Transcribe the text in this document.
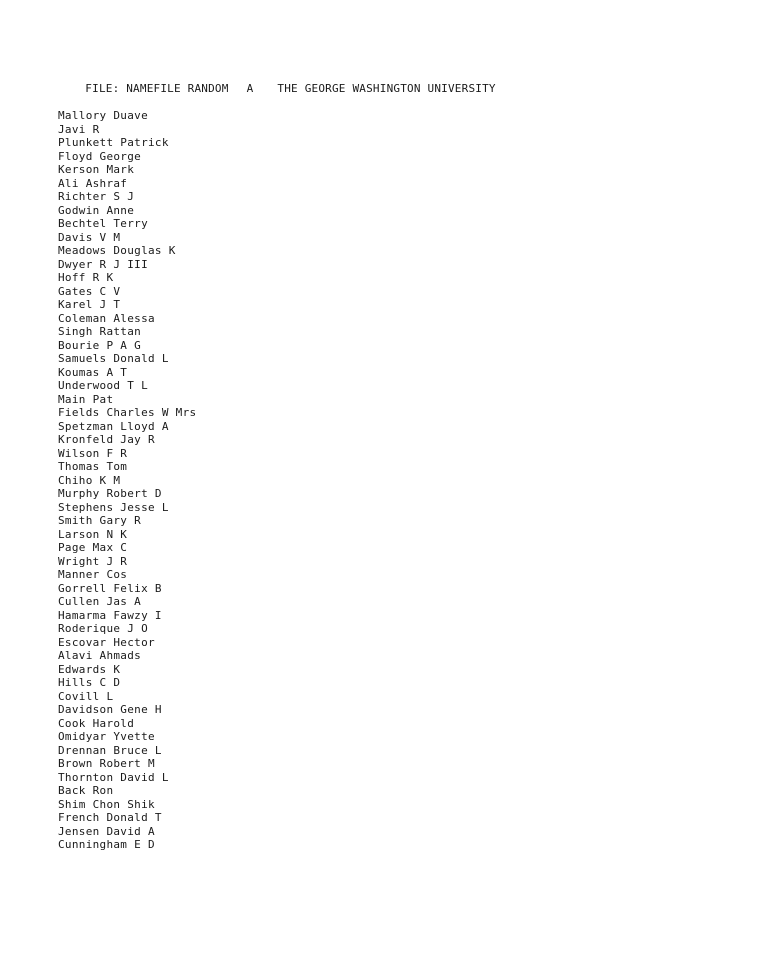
FILE: NAMEFILE RANDOM A THE GEORGE WASHINGTON UNIVERSITY

Mallory Duave
Javi R
Plunkett Patrick
Floyd George
Kerson Mark
Ali Ashraf
Richter S J
Godwin Anne
Bechtel Terry
Davis V M
Meadows Douglas K
Dwyer R J III
Hoff R K
Gates C V
Karel J T
Coleman Alessa
Singh Rattan
Bourie P A G
Samuels Donald L
Koumas A T
Underwood T L
Main Pat
Fields Charles W Mrs
Spetzman Lloyd A
Kronfeld Jay R
Wilson F R
Thomas Tom
Chiho K M
Murphy Robert D
Stephens Jesse L
Smith Gary R
Larson N K
Page Max C
Wright J R
Manner Cos
Gorrell Felix B
Cullen Jas A
Hamarma Fawzy I
Roderique J O
Escovar Hector
Alavi Ahmads
Edwards K
Hills C D
Covill L
Davidson Gene H
Cook Harold
Omidyar Yvette
Drennan Bruce L
Brown Robert M
Thornton David L
Back Ron
Shim Chon Shik
French Donald T
Jensen David A
Cunningham E D
